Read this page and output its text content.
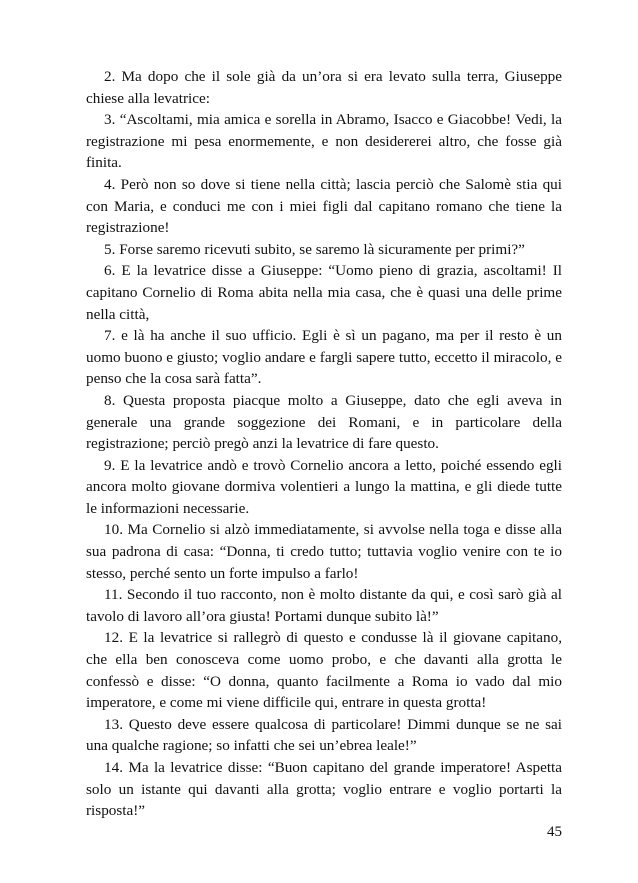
2. Ma dopo che il sole già da un’ora si era levato sulla terra, Giuseppe chiese alla levatrice:

3. “Ascoltami, mia amica e sorella in Abramo, Isacco e Giacobbe! Vedi, la registrazione mi pesa enormemente, e non desidererei altro, che fosse già finita.

4. Però non so dove si tiene nella città; lascia perciò che Salomè stia qui con Maria, e conduci me con i miei figli dal capitano romano che tiene la registrazione!

5. Forse saremo ricevuti subito, se saremo là sicuramente per primi?”

6. E la levatrice disse a Giuseppe: “Uomo pieno di grazia, ascoltami! Il capitano Cornelio di Roma abita nella mia casa, che è quasi una delle prime nella città,

7. e là ha anche il suo ufficio. Egli è sì un pagano, ma per il resto è un uomo buono e giusto; voglio andare e fargli sapere tutto, eccetto il miracolo, e penso che la cosa sarà fatta”.

8. Questa proposta piacque molto a Giuseppe, dato che egli aveva in generale una grande soggezione dei Romani, e in particolare della registrazione; perciò pregò anzi la levatrice di fare questo.

9. E la levatrice andò e trovò Cornelio ancora a letto, poiché essendo egli ancora molto giovane dormiva volentieri a lungo la mattina, e gli diede tutte le informazioni necessarie.

10. Ma Cornelio si alzò immediatamente, si avvolse nella toga e disse alla sua padrona di casa: “Donna, ti credo tutto; tuttavia voglio venire con te io stesso, perché sento un forte impulso a farlo!

11. Secondo il tuo racconto, non è molto distante da qui, e così sarò già al tavolo di lavoro all’ora giusta! Portami dunque subito là!”

12. E la levatrice si rallegrò di questo e condusse là il giovane capitano, che ella ben conosceva come uomo probo, e che davanti alla grotta le confessò e disse: “O donna, quanto facilmente a Roma io vado dal mio imperatore, e come mi viene difficile qui, entrare in questa grotta!

13. Questo deve essere qualcosa di particolare! Dimmi dunque se ne sai una qualche ragione; so infatti che sei un’ebrea leale!”

14. Ma la levatrice disse: “Buon capitano del grande imperatore! Aspetta solo un istante qui davanti alla grotta; voglio entrare e voglio portarti la risposta!”

45
